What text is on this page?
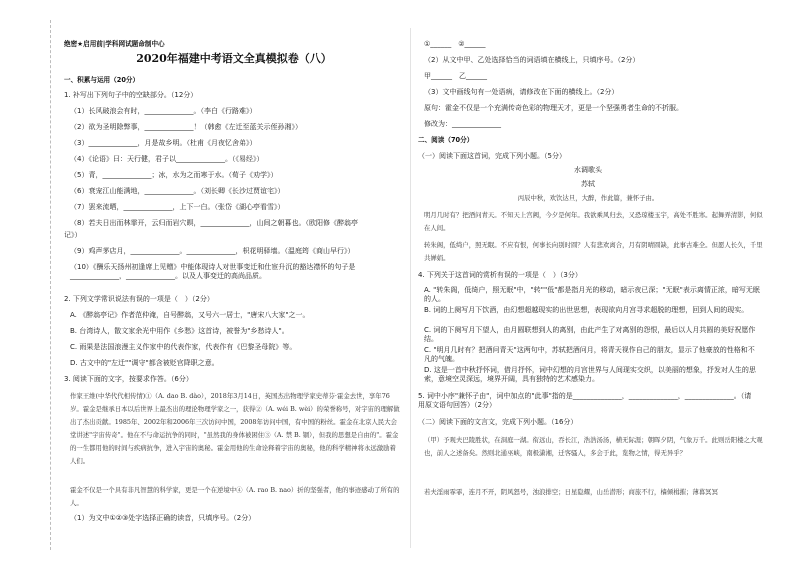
绝密★启用前|学科网试题命制中心
2020年福建中考语文全真模拟卷（八）
一、积累与运用（20分）
1. 补写出下列句子中的空缺部分。（12分）
（1）长风破浪会有时，______________。（李白《行路难》）
（2）欲为圣明除弊事，______________！（韩愈《左迁至蓝关示侄孙湘》）
（3）______________，月是故乡明。（杜甫《月夜忆舍弟》）
（4）《论语》曰：天行健，君子以______________。（《易经》）
（5）青，______________；冰，水为之而寒于水。（荀子《劝学》）
（6）衰宠江山能满地，______________。（刘长卿《长沙过贾谊宅》）
（7）罢来流晒，______________，上下一白。（张岱《湖心亭看雪》）
（8）若夫日出而林霏开，云归而岩穴暝，______________，山间之朝暮也。（欧阳修《醉翁亭
记》）
（9）鸡声茅店月，______________。______________，枳花明驿墙。（温庭筠《商山早行》）
（10）《酬乐天扬州初逢席上见赠》中能体现诗人对世事变迁和仕宦升沉的豁达襟怀的句子是______________，______________。以及人事变迁的高尚品质。
2. 下列文学常识说法有误的一项是（　）（2分）
A. 《醉翁亭记》作者范仲淹，自号醉翁，又号六一居士，"唐宋八大家"之一。
B. 台湾诗人，散文家余光中用作《乡愁》这首诗，被誉为"乡愁诗人"。
C. 雨果是法国浪漫主义作家中的代表作家，代表作有《巴黎圣母院》等。
D. 古文中的"左迁""调守"都含被贬官降职之意。
3. 阅读下面的文字，按要求作答。（6分）
作家王维(中华代代相传情)①（A. dao B. dào），2018年3月14日，英国杰出物理学家史蒂芬·霍金去世，享年76岁。霍金是继承日本以后世界上最杰出的理论物理学家之一，获得②（A. wéi B. wèi）的荣誉称号，对宇宙的理解做出了杰出贡献。1985年、2002年和2006年三次访问中国，2008年访问中国，有中国的粉丝。霍金在北京人民大会堂讲述"宇宙传奇"。他在不与命运抗争的同时，"虽然我的身体被困住③（A. 禁 B. 锢），但我的思想是自由的"。霍金的一生都用他的时间与疾病抗争，进入宇宙的奥秘。霍金用他的生命诠释着宇宙的奥秘，他的科学精神将永远激励着人们。
霍金不仅是一个具有非凡智慧的科学家，更是一个在逆境中④（A. rao B. nao）折的坚强者，他的事迹感动了所有的人。
（1）为文中①②③处字选择正确的读音，只填序号。（2分）
①______　②______
（2）从文中甲、乙处选择恰当的词语填在横线上，只填序号。（2分）
甲______　乙______
（3）文中画线句有一处语病，请修改在下面的横线上。（2分）
原句：霍金不仅是一个充满传奇色彩的物理天才，更是一个坚强勇者生命的不折服。
修改为：______________
二、阅读（70分）
（一）阅读下面这首词，完成下列小题。（5分）
水调歌头
苏轼
丙辰中秋，欢饮达旦，大醉，作此篇，兼怀子由。
明月几时有？把酒问青天。不知天上宫阙，今夕是何年。我欲乘风归去，又恐琼楼玉宇，高处不胜寒。起舞弄清影，何似在人间。
转朱阁，低绮户，照无眠。不应有恨，何事长向别时圆？人有悲欢离合，月有阴晴圆缺，此事古难全。但愿人长久，千里共婵娟。
4. 下列关于这首词的赏析有误的一项是（　）（3分）
A. "转朱阁，低绮户，照无眠"中，"转""低"都是指月光的移动，暗示夜已深；"无眠"表示离情正浓，暗写无眠的人。
B. 词的上阕写月下饮酒，由幻想超越现实的出世思想，表现欲向月宫寻求超脱的理想，回到人间的现实。
C. 词的下阕写月下望人，由月圆联想到人的离别，由此产生了对离别的怨恨，最后以人月共圆的美好祝愿作结。
C. "明月几时有？把酒问青天"这两句中，苏轼把酒问月，将青天视作自己的朋友，显示了他豪放的性格和不凡的气魄。
D. 这是一首中秋抒怀词，借月抒怀，词中幻想的月宫世界与人间现实交织，以美丽的想象，抒发对人生的思索，意境空灵深远，境界开阔，具有独特的艺术感染力。
5. 词中小序"兼怀子由"，词中加点的"此事"指的是______________，______________，______________。（请用原文语句回答）（2分）
（二）阅读下面的文言文，完成下列小题。（16分）
（甲）予观夫巴陵胜状，在洞庭一湖。衔远山，吞长江，浩浩汤汤，横无际涯；朝晖夕阴，气象万千。此则岳阳楼之大观也，前人之述备矣。然则北通巫峡，南极潇湘，迁客骚人，多会于此，览物之情，得无异乎？
若夫淫雨霏霏，连月不开，阴风怒号，浊浪排空；日星隐耀，山岳潜形；商旅不行，樯倾楫摧；薄暮冥冥
